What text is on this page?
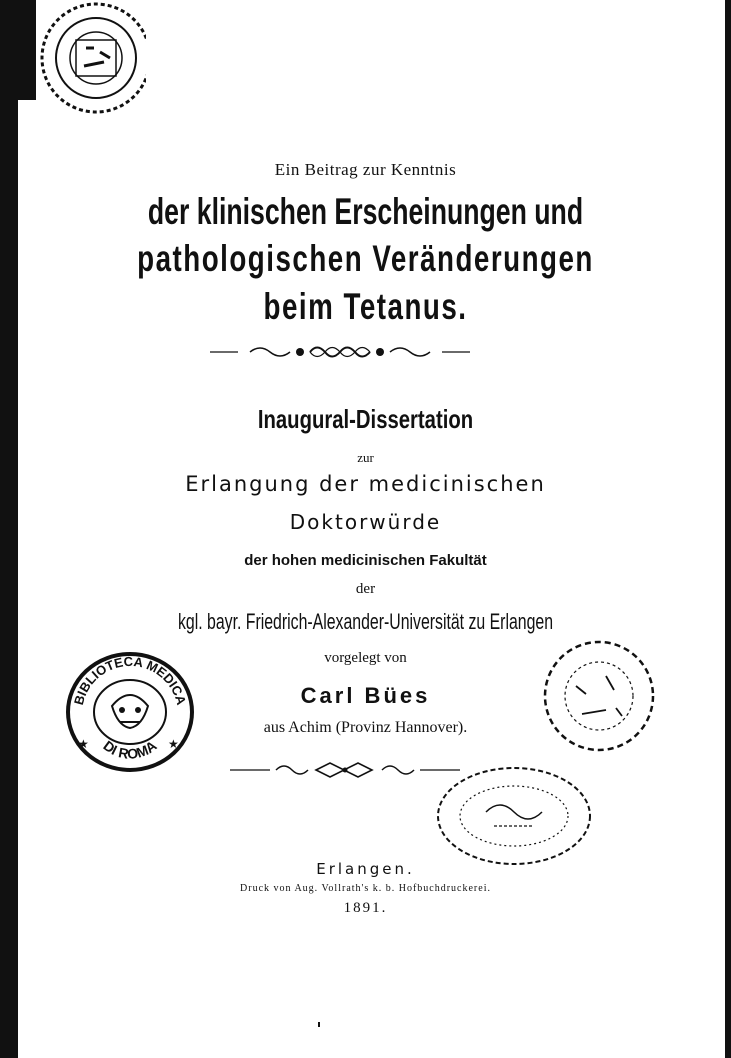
Ein Beitrag zur Kenntnis
der klinischen Erscheinungen und
pathologischen Veränderungen
beim Tetanus.
Inaugural-Dissertation
zur
Erlangung der medicinischen
Doktorwürde
der hohen medicinischen Fakultät
der
kgl. bayr. Friedrich-Alexander-Universität zu Erlangen
vorgelegt von
Carl Bües
aus Achim (Provinz Hannover).
BIBLIOTECA MEDICA
DI ROMA
★	★
Erlangen.
Druck von Aug. Vollrath's k. b. Hofbuchdruckerei.
1891.
